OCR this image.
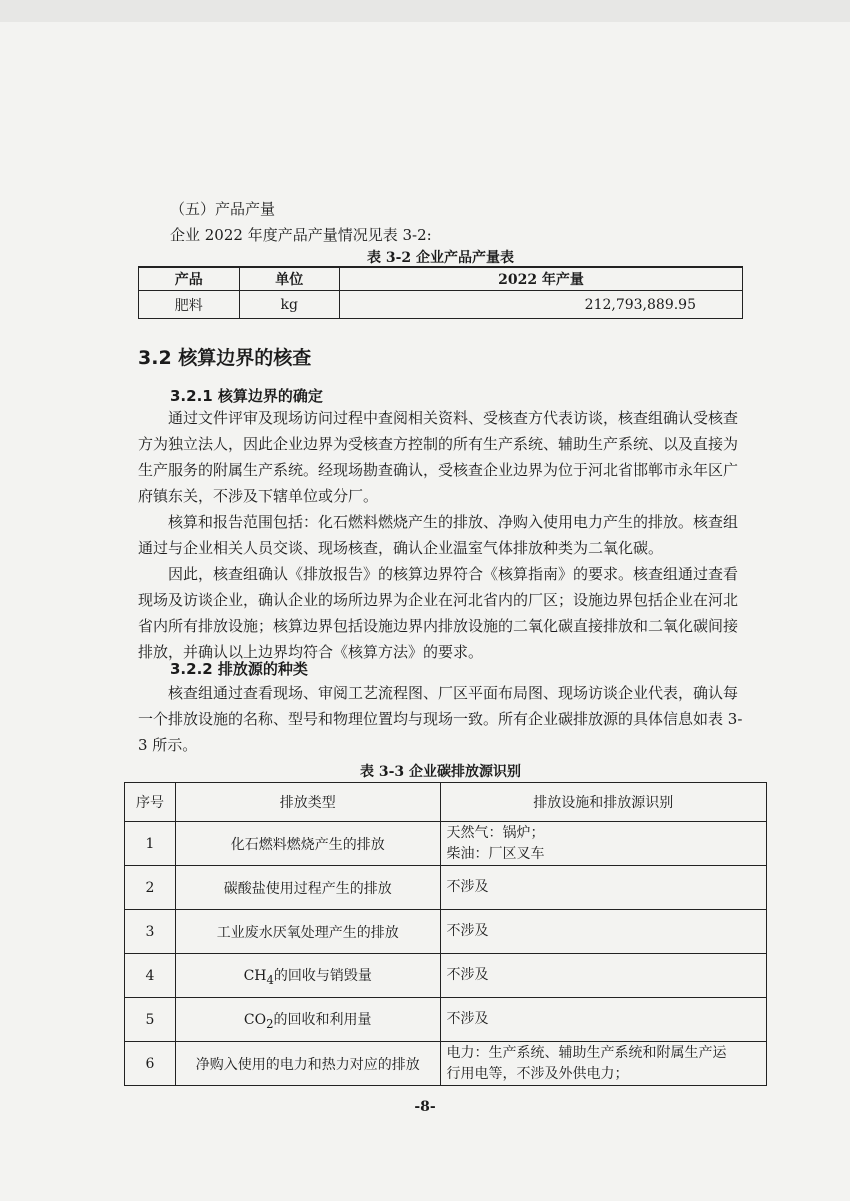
（五）产品产量

企业 2022 年度产品产量情况见表 3-2:

表 3-2 企业产品产量表

产品	单位	2022 年产量
肥料	kg	212,793,889.95
3.2 核算边界的核查
3.2.1 核算边界的确定

通过文件评审及现场访问过程中查阅相关资料、受核查方代表访谈，核查组确认受核查方为独立法人，因此企业边界为受核查方控制的所有生产系统、辅助生产系统、以及直接为生产服务的附属生产系统。经现场勘查确认，受核查企业边界为位于河北省邯郸市永年区广府镇东关，不涉及下辖单位或分厂。

核算和报告范围包括：化石燃料燃烧产生的排放、净购入使用电力产生的排放。核查组通过与企业相关人员交谈、现场核查，确认企业温室气体排放种类为二氧化碳。

因此，核查组确认《排放报告》的核算边界符合《核算指南》的要求。核查组通过查看现场及访谈企业，确认企业的场所边界为企业在河北省内的厂区；设施边界包括企业在河北省内所有排放设施；核算边界包括设施边界内排放设施的二氧化碳直接排放和二氧化碳间接排放，并确认以上边界均符合《核算方法》的要求。

3.2.2 排放源的种类

核查组通过查看现场、审阅工艺流程图、厂区平面布局图、现场访谈企业代表，确认每一个排放设施的名称、型号和物理位置均与现场一致。所有企业碳排放源的具体信息如表 3-3 所示。

表 3-3 企业碳排放源识别

序号	排放类型	排放设施和排放源识别
1	化石燃料燃烧产生的排放	天然气：锅炉；
柴油：厂区叉车
2	碳酸盐使用过程产生的排放	不涉及
3	工业废水厌氧处理产生的排放	不涉及
4	$CH_4$的回收与销毁量	不涉及
5	$CO_2$的回收和利用量	不涉及
6	净购入使用的电力和热力对应的排放	电力：生产系统、辅助生产系统和附属生产运
行用电等，不涉及外供电力；
-8-
